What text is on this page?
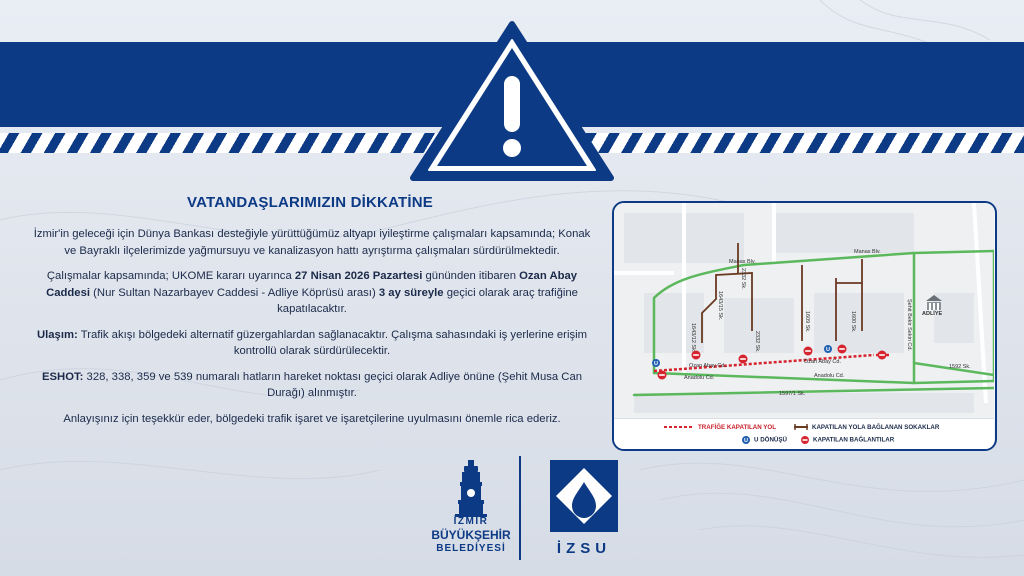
VATANDAŞLARIMIZIN DİKKATİNE

İzmir'in geleceği için Dünya Bankası desteğiyle yürüttüğümüz altyapı iyileştirme çalışmaları kapsamında; Konak ve Bayraklı ilçelerimizde yağmursuyu ve kanalizasyon hattı ayrıştırma çalışmaları sürdürülmektedir.

Çalışmalar kapsamında; UKOME kararı uyarınca 27 Nisan 2026 Pazartesi gününden itibaren Ozan Abay Caddesi (Nur Sultan Nazarbayev Caddesi - Adliye Köprüsü arası) 3 ay süreyle geçici olarak araç trafiğine kapatılacaktır.

Ulaşım: Trafik akışı bölgedeki alternatif güzergahlardan sağlanacaktır. Çalışma sahasındaki iş yerlerine erişim kontrollü olarak sürdürülecektir.

ESHOT: 328, 338, 359 ve 539 numaralı hatların hareket noktası geçici olarak Adliye önüne (Şehit Musa Can Durağı) alınmıştır.

Anlayışınız için teşekkür eder, bölgedeki trafik işaret ve işaretçilerine uyulmasını önemle rica ederiz.

U
U
Manas Blv.
Manas Blv.
1643/15 Sk.
1643/12 Sk.
2332 Sk.
2332 Sk.
1609 Sk.	1600 Sk.	Şehit Bekir Sekin Cd.
1592 Sk.
1597/1 Sk.
Ozan Abay Cd.
Ozan Abay Cd.
Anadolu Cd.	Anadolu Cd.
ADLİYE
TRAFİĞE KAPATILAN YOL	KAPATILAN YOLA BAĞLANAN SOKAKLAR
U U DÖNÜŞÜ	KAPATILAN BAĞLANTILAR
İZMİR
BÜYÜKŞEHİR
BELEDİYESİ	İZSU
